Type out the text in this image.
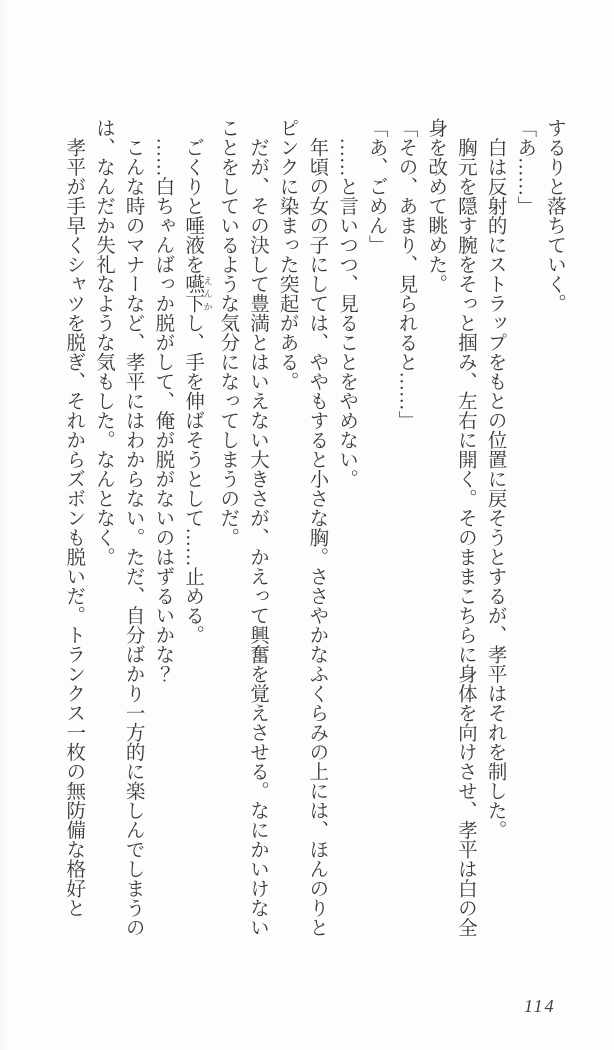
するりと落ちていく。

「あ……」

　白は反射的にストラップをもとの位置に戻そうとするが、孝平はそれを制した。

　胸元を隠す腕をそっと掴み、左右に開く。そのままこちらに身体を向けさせ、孝平は白の全身を改めて眺めた。

「その、あまり、見られると……」

「あ、ごめん」

　……と言いつつ、見ることをやめない。

　年頃の女の子にしては、ややもすると小さな胸。ささやかなふくらみの上には、ほんのりとピンクに染まった突起がある。

　だが、その決して豊満とはいえない大きさが、かえって興奮を覚えさせる。なにかいけないことをしているような気分になってしまうのだ。

　ごくりと唾液を嚥下 えんかし、手を伸ばそうとして……止める。

　……白ちゃんばっか脱がして、俺が脱がないのはずるいかな？

　こんな時のマナーなど、孝平にはわからない。ただ、自分ばかり一方的に楽しんでしまうのは、なんだか失礼なような気もした。なんとなく。

　孝平が手早くシャツを脱ぎ、それからズボンも脱いだ。トランクス一枚の無防備な格好と

114
